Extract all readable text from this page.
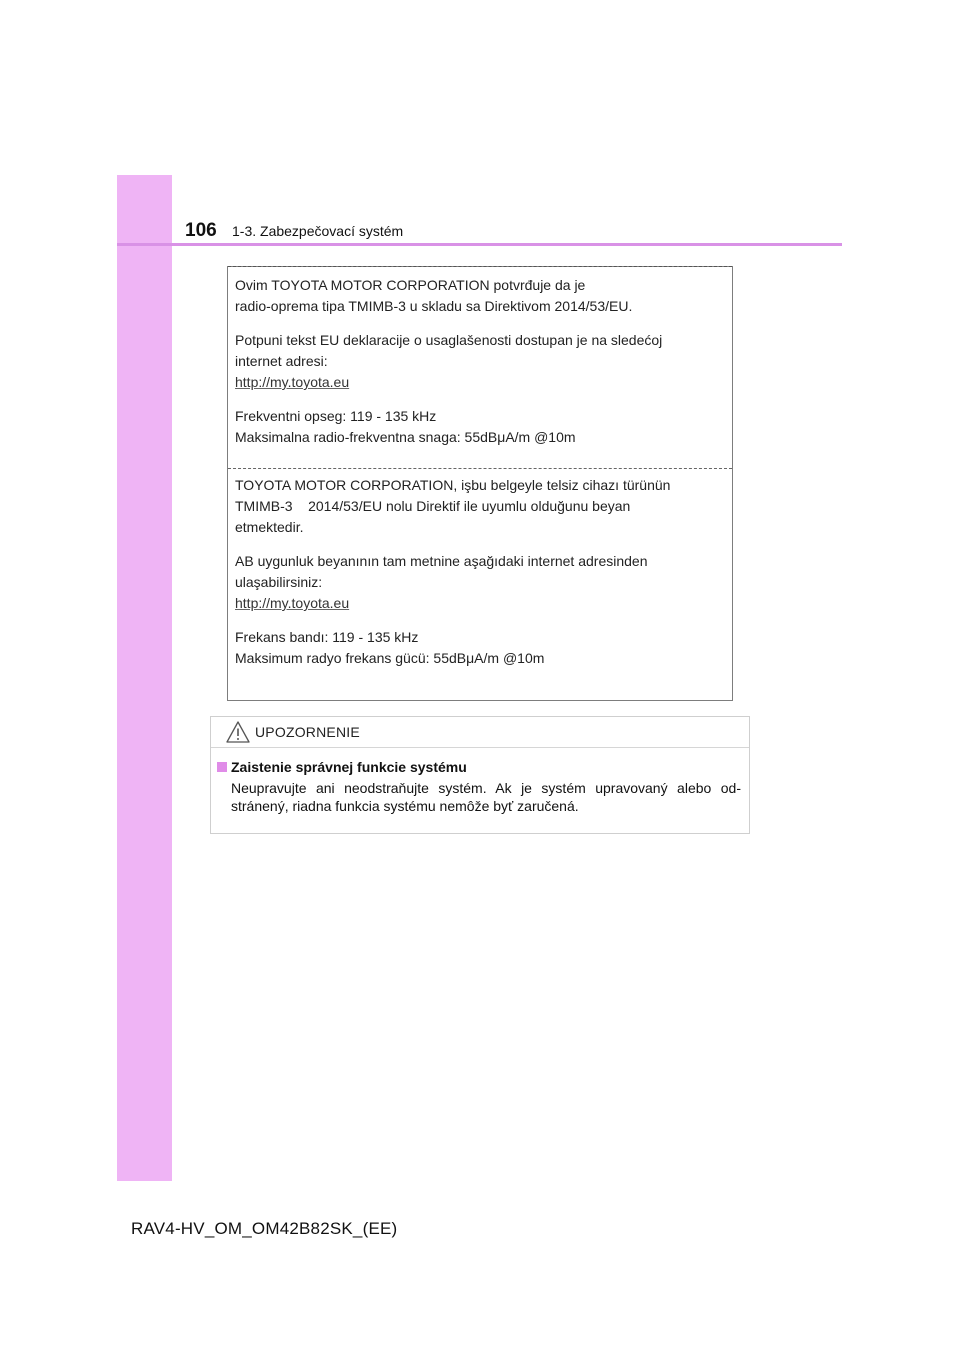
106 1-3. Zabezpečovací systém
Ovim TOYOTA MOTOR CORPORATION potvrđuje da je
radio-oprema tipa TMIMB-3 u skladu sa Direktivom 2014/53/EU.
Potpuni tekst EU deklaracije o usaglašenosti dostupan je na sledećoj
internet adresi:
http://my.toyota.eu
Frekventni opseg: 119 - 135 kHz
Maksimalna radio-frekventna snaga: 55dBμA/m @10m
TOYOTA MOTOR CORPORATION, işbu belgeyle telsiz cihazı türünün
TMIMB-3    2014/53/EU nolu Direktif ile uyumlu olduğunu beyan
etmektedir.
AB uygunluk beyanının tam metnine aşağıdaki internet adresinden
ulaşabilirsiniz:
http://my.toyota.eu
Frekans bandı: 119 - 135 kHz
Maksimum radyo frekans gücü: 55dBμA/m @10m
UPOZORNENIE
Zaistenie správnej funkcie systému
Neupravujte ani neodstraňujte systém. Ak je systém upravovaný alebo od-stránený, riadna funkcia systému nemôže byť zaručená.
RAV4-HV_OM_OM42B82SK_(EE)
